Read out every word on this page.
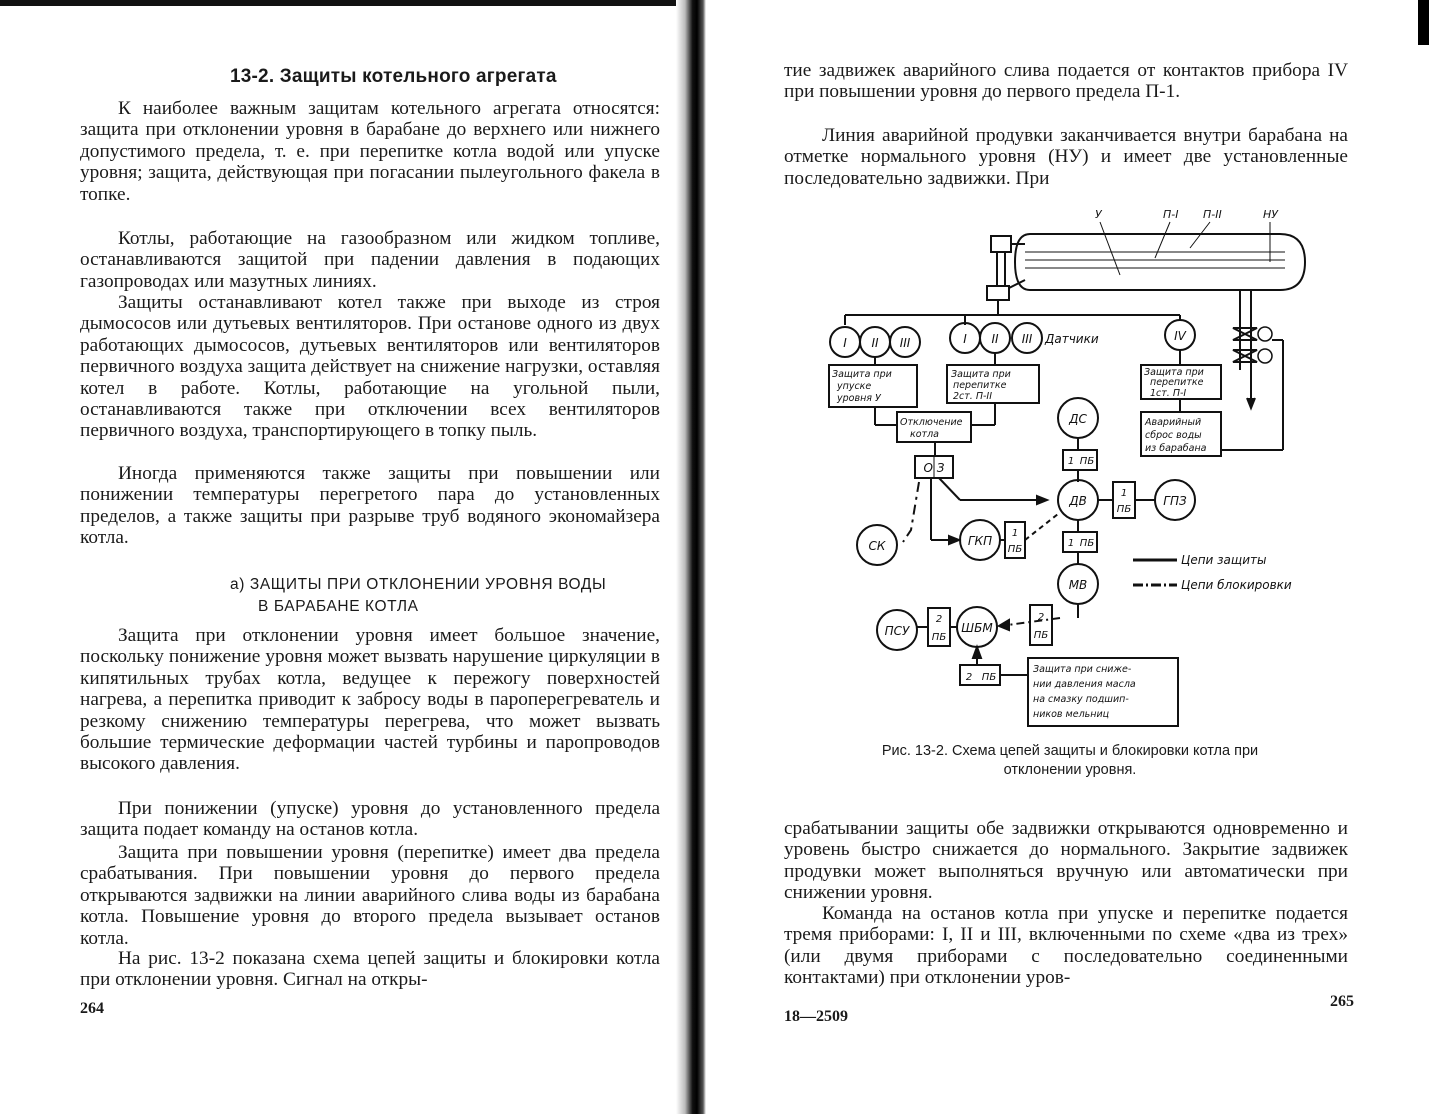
13-2. Защиты котельного агрегата
К наиболее важным защитам котельного агрегата относятся: защита при отклонении уровня в барабане до верхнего или нижнего допустимого предела, т. е. при перепитке котла водой или упуске уровня; защита, действующая при погасании пылеугольного факела в топке.
Котлы, работающие на газообразном или жидком топливе, останавливаются защитой при падении давления в подающих газопроводах или мазутных линиях.
Защиты останавливают котел также при выходе из строя дымососов или дутьевых вентиляторов. При останове одного из двух работающих дымососов, дутьевых вентиляторов или вентиляторов первичного воздуха защита действует на снижение нагрузки, оставляя котел в работе. Котлы, работающие на угольной пыли, останавливаются также при отключении всех вентиляторов первичного воздуха, транспортирующего в топку пыль.
Иногда применяются также защиты при повышении или понижении температуры перегретого пара до установленных пределов, а также защиты при разрыве труб водяного экономайзера котла.
а) ЗАЩИТЫ ПРИ ОТКЛОНЕНИИ УРОВНЯ ВОДЫ
В БАРАБАНЕ КОТЛА
Защита при отклонении уровня имеет большое значение, поскольку понижение уровня может вызвать нарушение циркуляции в кипятильных трубах котла, ведущее к пережогу поверхностей нагрева, а перепитка приводит к забросу воды в пароперегреватель и резкому снижению температуры перегрева, что может вызвать большие термические деформации частей турбины и паропроводов высокого давления.
При понижении (упуске) уровня до установленного предела защита подает команду на останов котла.
Защита при повышении уровня (перепитке) имеет два предела срабатывания. При повышении уровня до первого предела открываются задвижки на линии аварийного слива воды из барабана котла. Повышение уровня до второго предела вызывает останов котла.
На рис. 13-2 показана схема цепей защиты и блокировки котла при отклонении уровня. Сигнал на откры-
264
тие задвижек аварийного слива подается от контактов прибора IV при повышении уровня до первого предела П-1.
Линия аварийной продувки заканчивается внутри барабана на отметке нормального уровня (НУ) и имеет две установленные последовательно задвижки. При
Рис. 13-2. Схема цепей защиты и блокировки котла при
отклонении уровня.
срабатывании защиты обе задвижки открываются одновременно и уровень быстро снижается до нормального. Закрытие задвижек продувки может выполняться вручную или автоматически при снижении уровня.
Команда на останов котла при упуске и перепитке подается тремя приборами: I, II и III, включенными по схеме «два из трех» (или двумя приборами с последовательно соединенными контактами) при отклонении уров-
18—2509
265
У	П-I П-II	НУ
I II III	I II III	IV
ДС
ДВ	ГПЗ
ГКП
СК
МВ
ШБМ
ПСУ
О З	1 ПБ
1
ПБ
1
ПБ
1 ПБ
2
ПБ
2
ПБ
2 ПБ
Защита при
упуске
уровня У
Защита при
перепитке
2ст. П-II
Защита при
перепитке
1ст. П-I
Аварийный
сброс воды
из барабана
Отключение
котла
Защита при сниже-
нии давления масла
на смазку подшип-
ников мельниц
Датчики
Цепи защиты
Цепи блокировки
